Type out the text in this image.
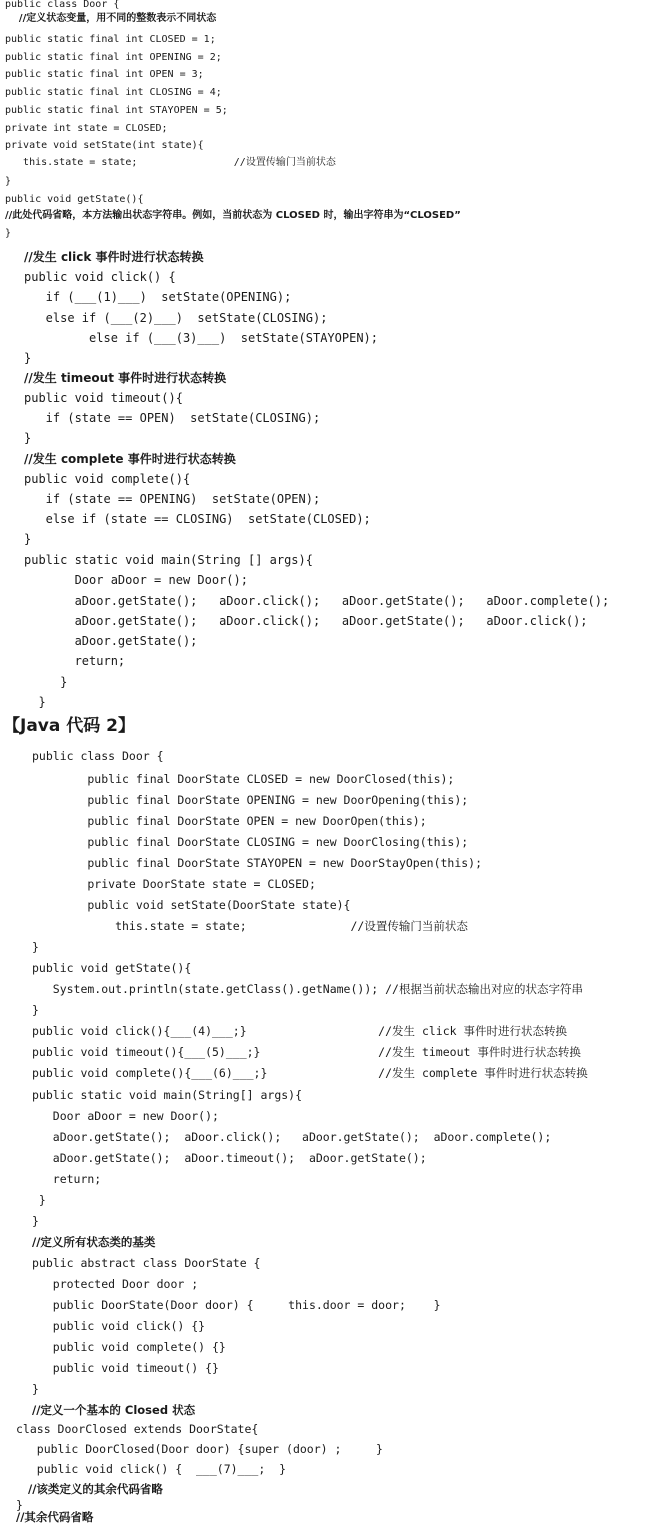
public class Door {
//定义状态变量，用不同的整数表示不同状态
public static final int CLOSED = 1;
public static final int OPENING = 2;
public static final int OPEN = 3;
public static final int CLOSING = 4;
public static final int STAYOPEN = 5;
private int state = CLOSED;
private void setState(int state){
this.state = state;                //设置传输门当前状态
}
public void getState(){
//此处代码省略，本方法输出状态字符串。例如，当前状态为 CLOSED 时，输出字符串为“CLOSED”
}
//发生 click 事件时进行状态转换
public void click() {
if (___(1)___)  setState(OPENING);
else if (___(2)___)  setState(CLOSING);
else if (___(3)___)  setState(STAYOPEN);
}
//发生 timeout 事件时进行状态转换
public void timeout(){
if (state == OPEN)  setState(CLOSING);
}
//发生 complete 事件时进行状态转换
public void complete(){
if (state == OPENING)  setState(OPEN);
else if (state == CLOSING)  setState(CLOSED);
}
public static void main(String [] args){
Door aDoor = new Door();
aDoor.getState();   aDoor.click();   aDoor.getState();   aDoor.complete();
aDoor.getState();   aDoor.click();   aDoor.getState();   aDoor.click();
aDoor.getState();
return;
}
}
【Java 代码 2】
public class Door {
public final DoorState CLOSED = new DoorClosed(this);
public final DoorState OPENING = new DoorOpening(this);
public final DoorState OPEN = new DoorOpen(this);
public final DoorState CLOSING = new DoorClosing(this);
public final DoorState STAYOPEN = new DoorStayOpen(this);
private DoorState state = CLOSED;
public void setState(DoorState state){
this.state = state;               //设置传输门当前状态
}
public void getState(){
System.out.println(state.getClass().getName()); //根据当前状态输出对应的状态字符串
}
public void click(){___(4)___;}                   //发生 click 事件时进行状态转换
public void timeout(){___(5)___;}                 //发生 timeout 事件时进行状态转换
public void complete(){___(6)___;}                //发生 complete 事件时进行状态转换
public static void main(String[] args){
Door aDoor = new Door();
aDoor.getState();  aDoor.click();   aDoor.getState();  aDoor.complete();
aDoor.getState();  aDoor.timeout();  aDoor.getState();
return;
}
}
//定义所有状态类的基类
public abstract class DoorState {
protected Door door ;
public DoorState(Door door) {     this.door = door;    }
public void click() {}
public void complete() {}
public void timeout() {}
}
//定义一个基本的 Closed 状态
class DoorClosed extends DoorState{
public DoorClosed(Door door) {super (door) ;     }
public void click() {  ___(7)___;  }
//该类定义的其余代码省略
}
//其余代码省略
